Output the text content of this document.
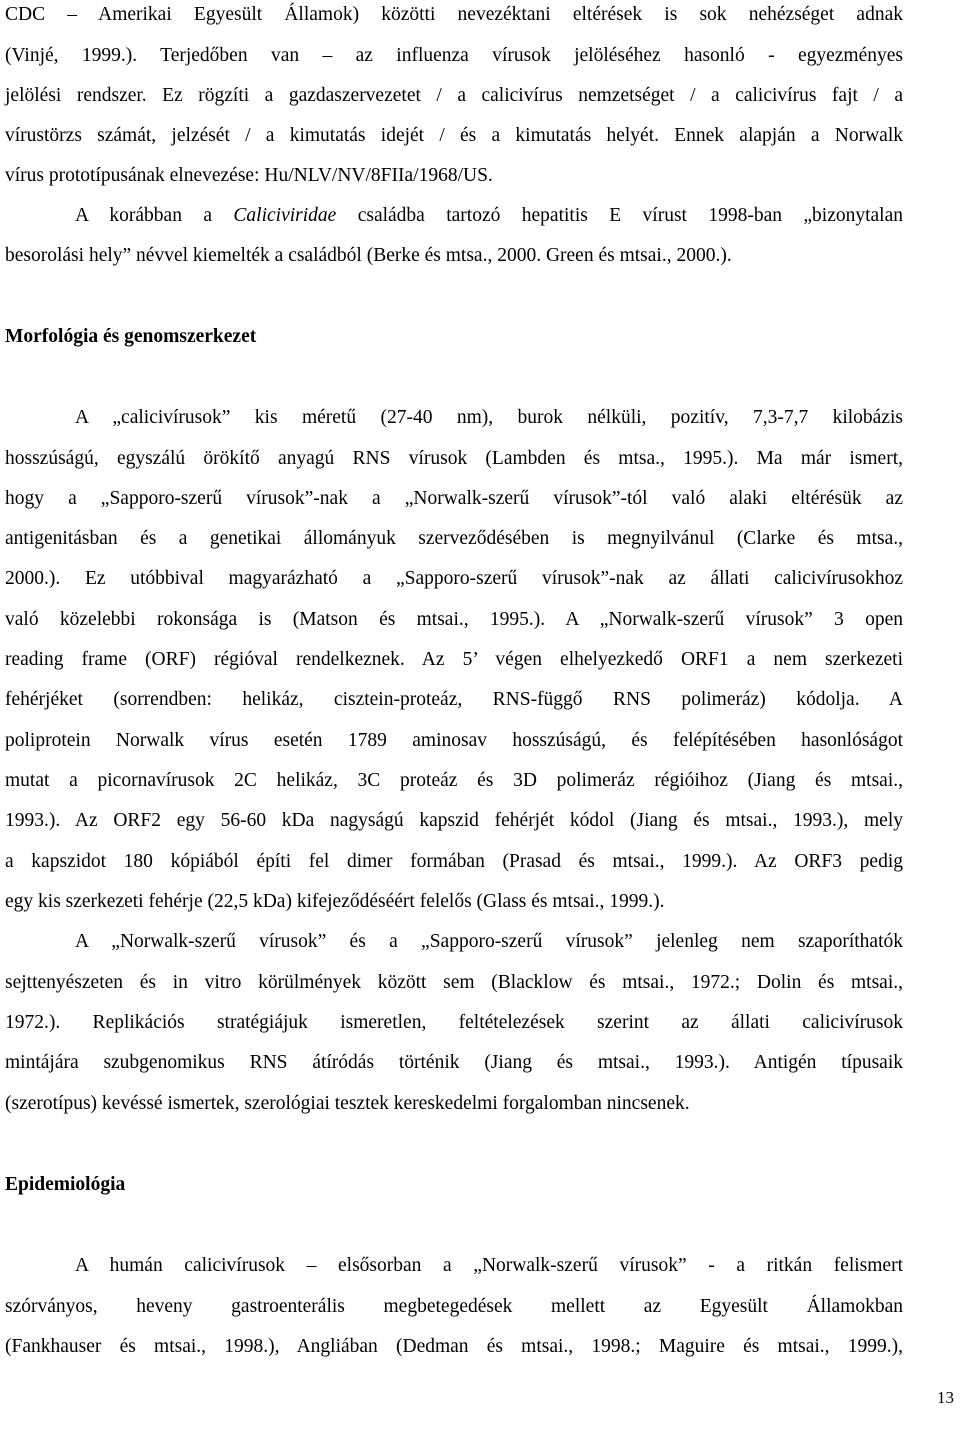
CDC – Amerikai Egyesült Államok) közötti nevezéktani eltérések is sok nehézséget adnak
(Vinjé, 1999.). Terjedőben van – az influenza vírusok jelöléséhez hasonló - egyezményes
jelölési rendszer. Ez rögzíti a gazdaszervezetet / a calicivírus nemzetséget / a calicivírus fajt / a
vírustörzs számát, jelzését / a kimutatás idejét / és a kimutatás helyét. Ennek alapján a Norwalk
vírus prototípusának elnevezése: Hu/NLV/NV/8FIIa/1968/US.
A korábban a Caliciviridae családba tartozó hepatitis E vírust 1998-ban „bizonytalan
besorolási hely” névvel kiemelték a családból (Berke és mtsa., 2000. Green és mtsai., 2000.).
Morfológia és genomszerkezet
A „calicivírusok” kis méretű (27-40 nm), burok nélküli, pozitív, 7,3-7,7 kilobázis
hosszúságú, egyszálú örökítő anyagú RNS vírusok (Lambden és mtsa., 1995.). Ma már ismert,
hogy a „Sapporo-szerű vírusok”-nak a „Norwalk-szerű vírusok”-tól való alaki eltérésük az
antigenitásban és a genetikai állományuk szerveződésében is megnyilvánul (Clarke és mtsa.,
2000.). Ez utóbbival magyarázható a „Sapporo-szerű vírusok”-nak az állati calicivírusokhoz
való közelebbi rokonsága is (Matson és mtsai., 1995.). A „Norwalk-szerű vírusok” 3 open
reading frame (ORF) régióval rendelkeznek. Az 5’ végen elhelyezkedő ORF1 a nem szerkezeti
fehérjéket (sorrendben: helikáz, cisztein-proteáz, RNS-függő RNS polimeráz) kódolja. A
poliprotein Norwalk vírus esetén 1789 aminosav hosszúságú, és felépítésében hasonlóságot
mutat a picornavírusok 2C helikáz, 3C proteáz és 3D polimeráz régióihoz (Jiang és mtsai.,
1993.). Az ORF2 egy 56-60 kDa nagyságú kapszid fehérjét kódol (Jiang és mtsai., 1993.), mely
a kapszidot 180 kópiából építi fel dimer formában (Prasad és mtsai., 1999.). Az ORF3 pedig
egy kis szerkezeti fehérje (22,5 kDa) kifejeződéséért felelős (Glass és mtsai., 1999.).
A „Norwalk-szerű vírusok” és a „Sapporo-szerű vírusok” jelenleg nem szaporíthatók
sejttenyészeten és in vitro körülmények között sem (Blacklow és mtsai., 1972.; Dolin és mtsai.,
1972.). Replikációs stratégiájuk ismeretlen, feltételezések szerint az állati calicivírusok
mintájára szubgenomikus RNS átíródás történik (Jiang és mtsai., 1993.). Antigén típusaik
(szerotípus) kevéssé ismertek, szerológiai tesztek kereskedelmi forgalomban nincsenek.
Epidemiológia
A humán calicivírusok – elsősorban a „Norwalk-szerű vírusok” - a ritkán felismert
szórványos, heveny gastroenterális megbetegedések mellett az Egyesült Államokban
(Fankhauser és mtsai., 1998.), Angliában (Dedman és mtsai., 1998.; Maguire és mtsai., 1999.),
13
